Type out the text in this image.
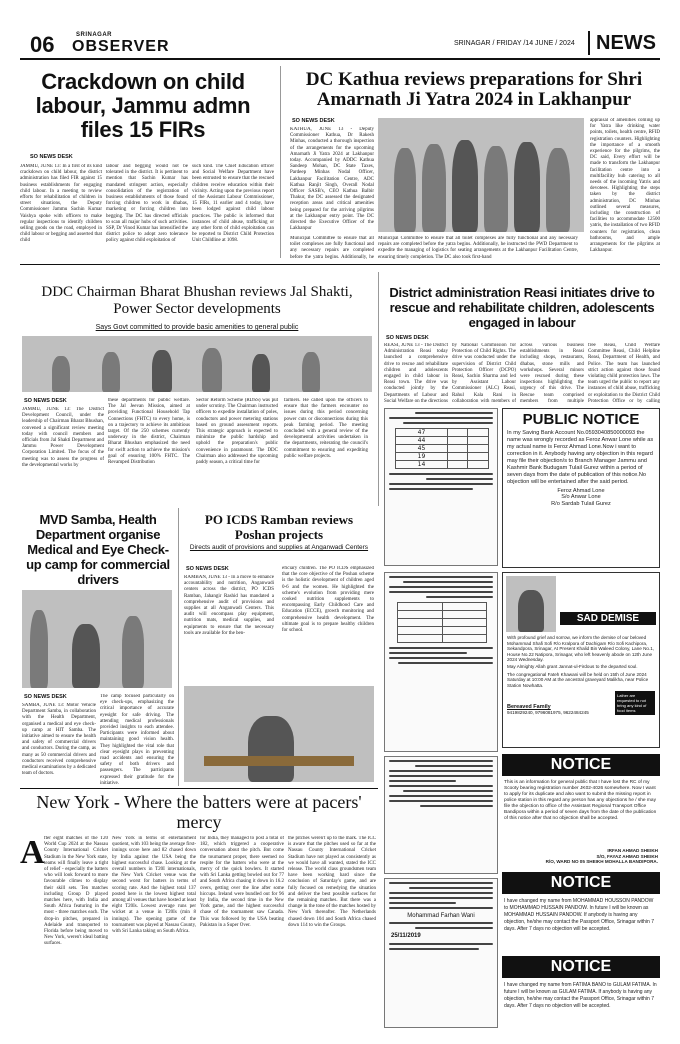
06	SRINAGAR
OBSERVER	SRINAGAR / FRIDAY /14 JUNE / 2024	NEWS
Crackdown on child labour, Jammu admn files 15 FIRs
SO NEWS DESK
JAMMU, JUNE 13: In a first of its kind crackdown on child labour, the district administration has filed FIR against 15 business establishments for engaging child labour. In a meeting to review efforts for rehabilitation of children in street situations, the Deputy Commissioner Jammu Sachin Kumar Vaishya spoke with officers to make regular inspections to identify children selling goods on the road, employed in child labour or begging and asserted that child
labour and begging would not be tolerated in the district. It is pertinent to mention that Sachin Kumar has mandated stringent action, especially consolidation of the registration of business establishments of those found forcing children to work in dhabas, marketing or forcing children into begging. The DC has directed officials to scan all major hubs of such activities. SSP, Dr Vinod Kumar has intensified the district police to adopt zero tolerance policy against child exploitation of
such kind. The Chief Education officer and Social Welfare Department have been entrusted to ensure that the rescued children receive education within their vicinity. Acting upon the previous report of the Assistant Labour Commissioner, 15 FIRs, 11 earlier and 4 today, have been lodged against child labour practices. The public is informed that instances of child abuse, trafficking or any other form of child exploitation can be reported to District Child Protection Unit Childline at 1098.
DC Kathua reviews preparations for Shri Amarnath Ji Yatra 2024 in Lakhanpur
SO NEWS DESK
KATHUA, JUNE 13 - Deputy Commissioner Kathua, Dr Rakesh Minhas, conducted a thorough inspection of the arrangements for the upcoming Amarnath Ji Yatra 2024 at Lakhanpur today. Accompanied by ADDC Kathua Sandeep Mohan, DC State Taxes, Pardeep Minhas Nodal Officer, Lakhanpur Facilitation Centre, ADC Kathua Ranjit Singh, Overall Nodal Officer SASB's, CEO Kathua Balbir Thakur, the DC assessed the designated reception areas and critical amenities being prepared for the arriving pilgrims at the Lakhanpur entry point. The DC directed the Executive Officer of the Lakhanpur
Municipal Committee to ensure that all toilet complexes are fully functional and any necessary repairs are completed before the yatra begins. Additionally, he
Municipal Committee to ensure that all toilet complexes are fully functional and any necessary repairs are completed before the yatra begins. Additionally, he instructed the PWD Department to expedite the managing of logistics for seating arrangements at the Lakhanpur Facilitation Centre, ensuring timely completion. The DC also took first-hand
appraisal of amenities coming up for Yatra like drinking water points, toilets, health centre, RFID registration counters. Highlighting the importance of a smooth experience for the pilgrims, the DC said, Every effort will be made to transform the Lakhanpur facilitation centre into a multifacility hub catering to all needs of the incoming Yatris and devotees. Highlighting the steps taken by the district administration, DC Minhas outlined several measures, including the construction of facilities to accommodate 12500 yatris, the installation of two RFID counters for registration, clean bathrooms, and ample arrangements for the pilgrims at Lakhanpur.
DDC Chairman Bharat Bhushan reviews Jal Shakti, Power Sector developments
Says Govt committed to provide basic amenities to general public
SO NEWS DESK
JAMMU, JUNE 13: The District Development Council, under the leadership of Chairman Bharat Bhushan, convened a significant review meeting today with council members and officials from Jal Shakti Department and Jammu Power Development Corporation Limited. The focus of the meeting was to assess the progress of the developmental works by
these departments for public welfare. The Jal Jeevan Mission, aimed at providing Functional Household Tap Connections (FHTC) to every home, is on a trajectory to achieve its ambitious target. Of the 250 schemes currently underway in the district, Chairman Bharat Bhushan emphasized the need for swift action to achieve the mission's goal of ensuring 100% FHTC. The Revamped Distribution
Sector Reform Scheme (RDSS) was put under scrutiny. The Chairman instructed officers to expedite installation of poles, conductors and power metering stations based on ground assessment reports. This strategic approach is expected to minimize the public hardship and uphold the preparation's public convenience in paramount. The DDC Chairman also addressed the upcoming paddy season, a critical time for
farmers. He called upon the officers to ensure that the farmers encounter no issues during this period concerning power cuts or disconnections during this peak farming period. The meeting concluded with a general review of the developmental activities undertaken in the departments, reiterating the council's commitment to ensuring and expediting public welfare projects.
District administration Reasi initiates drive to rescue and rehabilitate children, adolescents engaged in labour
SO NEWS DESK
REASI, JUNE 13 - The District Administration Reasi today launched a comprehensive drive to rescue and rehabilitate children and adolescents engaged in child labour in Reasi town. The drive was conducted jointly by the Departments of Labour and Social Welfare on the directions
by National Commission for Protection of Child Rights. The drive was conducted under the supervision of District Child Protection Officer (DCPO) Reasi, Sachin Sharma and led by Assistant Labour Commissioner (ALC) Reasi, Rahul Kala Rani in collaboration with members of
across various business establishments in Reasi including shops, restaurants, dhabas, stone mills and workshops. Several minors were rescued during these inspections highlighting the urgency of this drive. The Rescue team comprised members from multiple
free Reasi, Child Welfare Committee Reasi, Child Helpline Reasi, Department of Health, and Police. The team has launched strict action against those found violating child protection laws. The team urged the public to report any instances of child abuse, trafficking or exploitation to the District Child Protection Office or by calling
47		
44		
45		
19		
14		
PUBLIC NOTICE
In my Saving Bank Account No.0593040850000093 the name was wrongly recorded as Feroz Anwar Lone while as my actual name is Feroz Ahmad Lone.Now i want to correction in it. Anybody having any objection in this regard may file their objection/s to Branch Manager Jammu and Kashmir Bank Budugam Tulail Gurez within a period of seven days from the date of publication of this notice.No objection will be entertained after the said period.
Feroz Ahmad Lone
S/o Anwar Lone
R/o Sardab Tulail Gurez
MVD Samba, Health Department organise Medical and Eye Check-up camp for commercial drivers
SO NEWS DESK
SAMBA, JUNE 13: Motor Vehicle Department Samba, in collaboration with the Health Department, organised a medical and eye check-up camp at HIT Samba. The initiative aimed to ensure the health and safety of commercial drivers and conductors. During the camp, as many as 50 commercial drivers and conductors received comprehensive medical examinations by a dedicated team of doctors.
The camp focused particularly on eye check-ups, emphasizing the critical importance of accurate eyesight for safe driving. The attending medical professionals provided insights to each attendee. Participants were informed about maintaining good vision health. They highlighted the vital role that clear eyesight plays in preventing road accidents and ensuring the safety of both drivers and passengers. The participants expressed their gratitude for the initiative.
PO ICDS Ramban reviews Poshan projects
Directs audit of provisions and supplies at Anganwadi Centers
SO NEWS DESK
RAMBAN, JUNE 13 - In a move to enhance accountability and nutrition, Anganwadi centers across the district, PO ICDS Ramban, Jahangir Rashid has mandated a comprehensive audit of provisions and supplies at all Anganwadi Centers. This audit will encompass play equipment, nutrition mats, medical supplies, and equipments to ensure that the necessary tools are available for the ben-
eficiary children. The PO ICDS emphasized that the core objective of the Poshan scheme is the holistic development of children aged 0-6 and the women. He highlighted the scheme's evolution from providing mere cooked nutrition supplements to encompassing Early Childhood Care and Education (ECCE), growth monitoring and comprehensive health development. The ultimate goal is to prepare healthy children for school.
New York - Where the batters were at pacers' mercy
A fter eight matches of the T20 World Cup 2024 at the Nassau County International Cricket Stadium in the New York state, teams will finally leave a tight of relief - especially the batters who will look forward to more favourable climes to display their skill sets. Ten matches including Group D played matches here, with India and South Africa featuring in the most - three matches each. The drop-in pitches, prepared in Adelaide and transported to Florida before being moved to New York, weren't ideal batting surfaces.
New York in terms of entertainment quotient, with 103 being the average first-innings score here and 82 chased down by India against the USA being the highest successful chase. Looking at the overall numbers in T20I internationals, the New York Cricket venue was the second worst for batters in terms of scoring rate. And the highest total 137 posted here is the lowest highest total among all venues that have hosted at least eight T20Is. Lowest average runs per wicket at a venue in T20Is (min 8 innings). The opening game of the tournament was played at Nassau County, with Sri Lanka taking on South Africa.
for India, they managed to post a total of 182, which triggered a cooperative conversation about the pitch. But come the tournament proper, there seemed no respite for the batters who were at the mercy of the quick bowlers. It started with Sri Lanka getting bowled out for 77 and South Africa chasing it down in 16.2 overs, getting over the line after some hiccups. Ireland were bundled out for 96 by India, the second time in the New York game, and the highest successful chase of the tournament saw Canada. This was followed by the USA beating Pakistan in a Super Over.
the pitches weren't up to the mark. The ICC is aware that the pitches used so far at the Nassau County International Cricket Stadium have not played as consistently as we would have all wanted, stated the ICC release. The world class groundsmen team have been working hard since the conclusion of Saturday's game, and are fully focused on remedying the situation and deliver the best possible surfaces for the remaining matches. But there was a change in the tone of the matches hosted by New York thereafter. The Netherlands chased down 104 and South Africa chased down 114 to win the Groups.

Mohammad Farhan Wani
25/11/2019
SAD DEMISE
With profound grief and sorrow, we inform the demise of our beloved Mohammad Shafi Sofi R/o Kralpora of Dachigam R/o Sofi Kachipora, Sekandpora, Srinagar, At Present Khalid Bin Waleed Colony, Lane No.1, House No.22 Natipora, Srinagar, who left heavenly abode on 12th June 2024 Wednesday.
May Almighty Allah grant Jannat-ul-Firdous to the departed soul.
The congregational Fateh Khawani will be held on 15th of June 2024 Saturday at 10:00 AM at the ancestral graveyard Malikha, near Police Station Nowhatta.
Bereaved Family
9419829240, 9796081975, 9622484245
Lather are requested to not bring any kind of food items
NOTICE
This is an information for general public that I have lost the RC of my Scooty bearing registration number JK02-4026 somewhere. Now I want to apply for its duplicate and also want to submit the missing report in police station in this regard any person has any objections he / she may file the objection to office of the Assistant Regional Transport Office Bandipora within a period of seven days from the date of the publication of this notice after that no objection shall be accepted.
IRFAN AHMAD SHEIKH
S/O, FAYAZ AHMAD SHEIKH
R/O, WARD NO 05 SHEIKH MOHALLA BANDIPORA.
NOTICE
I have changed my name from MOHAMMAD HOUSSON PANDOW to MOHAMMAD HUSSAIN PANDOW. In future I will be known as MOHAMMAD HUSSAIN PANDOW. If anybody is having any objection, he/she may contact the Passport Office, Srinagar within 7 days. After 7 days no objection will be accepted.
NOTICE
I have changed my name from FATIMA BANO to GULAM FATIMA. In future I will be known as GULAM FATIMA. If anybody is having any objection, he/she may contact the Passport Office, Srinagar within 7 days. After 7 days no objection will be accepted.
